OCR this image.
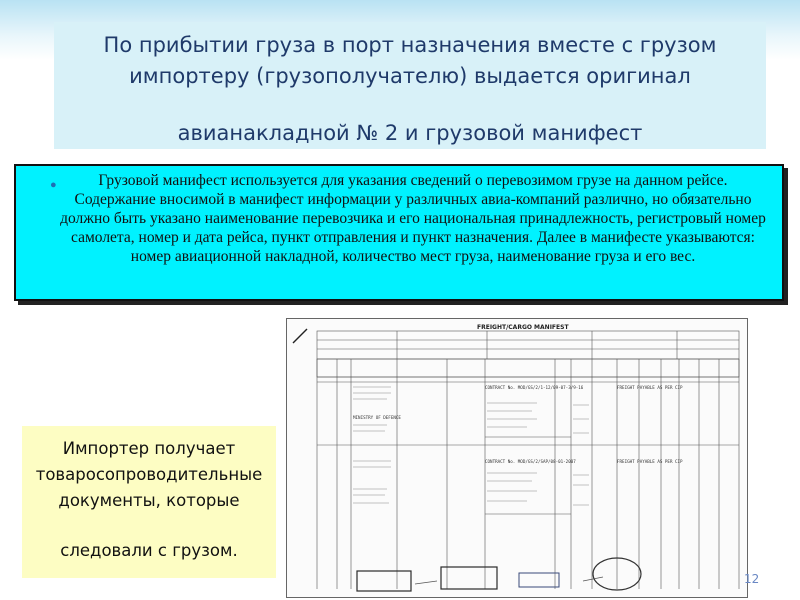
По прибытии груза в порт назначения вместе с грузом
импортеру (грузополучателю) выдается оригинал
авианакладной № 2 и грузовой манифест
●	Грузовой манифест используется для указания сведений о перевозимом грузе на данном рейсе. Содержание вносимой в манифест информации у различных авиа-компаний различно, но обязательно должно быть указано наименование перевозчика и его национальная принадлежность, регистровый номер самолета, номер и дата рейса, пункт отправления и пункт назначения. Далее в манифесте указываются: номер авиационной накладной, количество мест груза, наименование груза и его вес.
FREIGHT/CARGO MANIFEST
CONTRACT No. MOD/GS/2/1-12/09-07-3/9-16
CONTRACT No. MOD/GS/2/SAP/08-01-2007
MINISTRY OF DEFENCE
FREIGHT PAYABLE AS PER CIP
FREIGHT PAYABLE AS PER CIP
Импортер получает
товаросопроводительные
документы, которые
следовали с грузом.
12
